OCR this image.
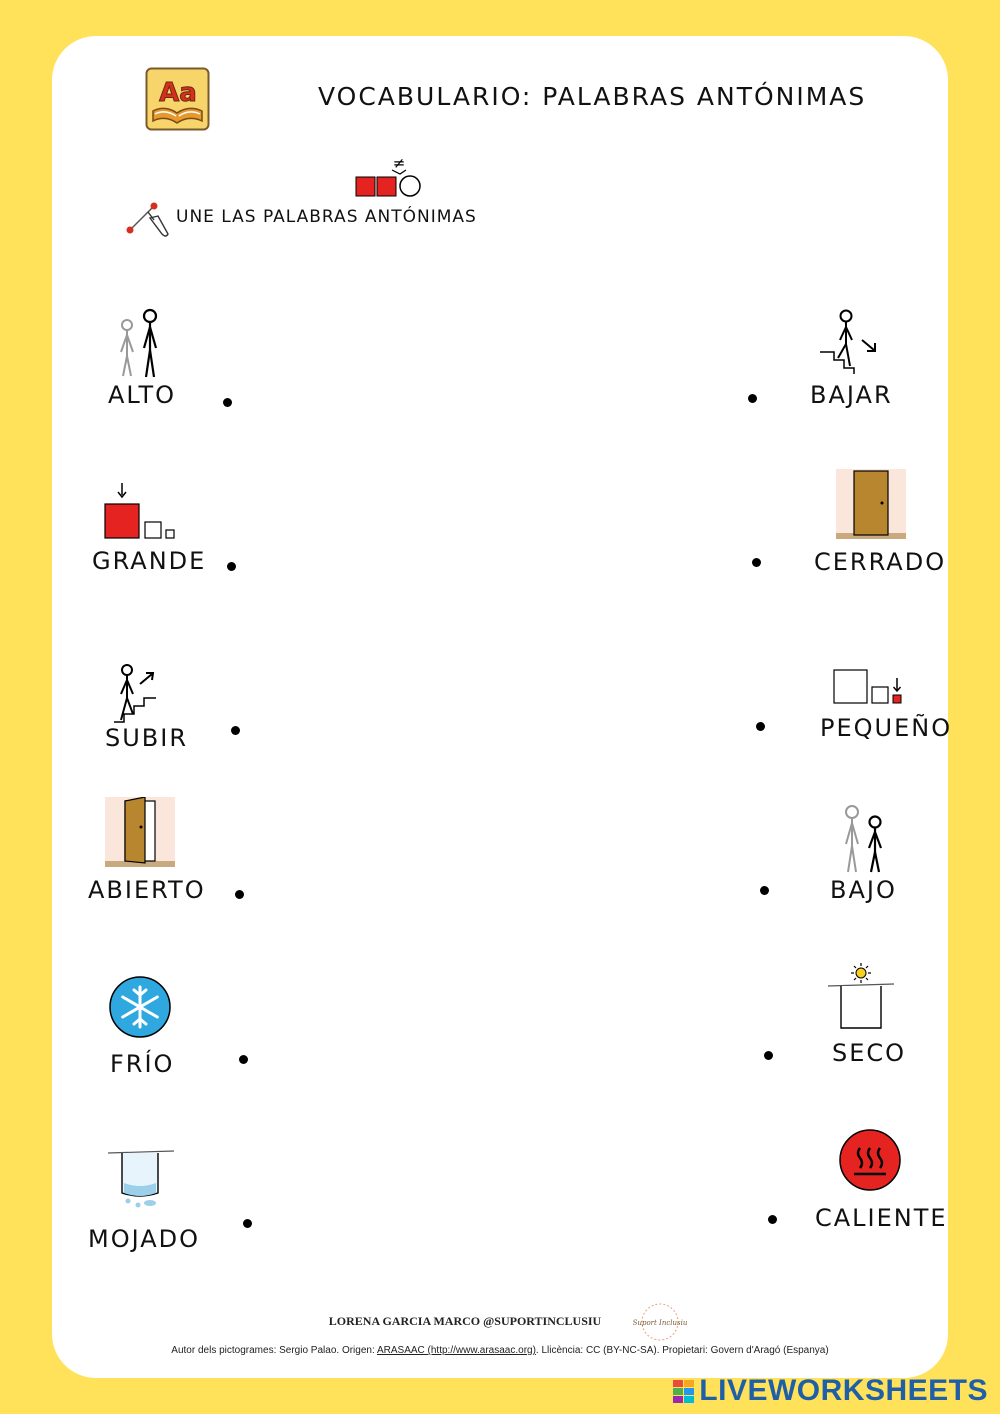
Aa	VOCABULARIO: PALABRAS ANTÓNIMAS
≠
UNE LAS PALABRAS ANTÓNIMAS
ALTO
GRANDE
SUBIR
ABIERTO
FRÍO
MOJADO
BAJAR
CERRADO
PEQUEÑO
BAJO
SECO
CALIENTE
LORENA GARCIA MARCO @SUPORTINCLUSIU	Suport Inclusiu
Autor dels pictogrames: Sergio Palao. Origen: ARASAAC (http://www.arasaac.org). Llicència: CC (BY-NC-SA). Propietari: Govern d'Aragó (Espanya)
LIVEWORKSHEETS
